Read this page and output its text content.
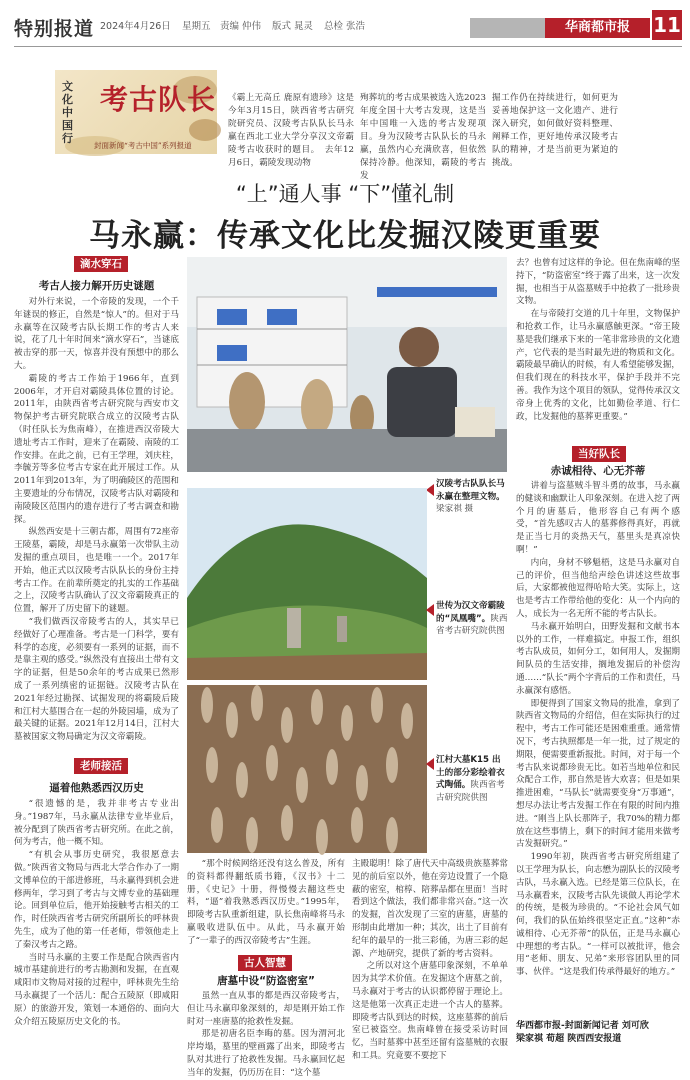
特别报道 2024年4月26日 星期五 责编 仲伟 版式 晁灵 总检 张浩	华商都市报	11
文化中国行
考古队长
封面新闻“考古中国”系列报道
《霸上无高丘 鹿原有遗珍》这是今年3月15日，陕西省考古研究院研究员、汉陵考古队队长马永赢在西北工业大学分享汉文帝霸陵考古收获时的题目。　去年12月6日，霸陵发现动物
殉葬坑的考古成果被选入选2023年度全国十大考古发现，这是当年中国唯一入选的考古发现项目。身为汉陵考古队队长的马永赢，虽然内心充满欣喜，但依然保持冷静。他深知，霸陵的考古发
掘工作仍在持续进行，如何更为妥善地保护这一文化遗产、进行深入研究，如何做好资料整理、阐释工作，更好地传承汉陵考古队的精神，才是当前更为紧迫的挑战。
“上”通人事 “下”懂礼制
马永赢：传承文化比发掘汉陵更重要
滴水穿石
考古人接力解开历史谜题

对外行来说，一个帝陵的发现，一个千年谜误的修正，自然是“惊人”的。但对于马永赢等在汉陵考古队长期工作的考古人来说，花了几十年时间来“滴水穿石”，当谜底被击穿的那一天，惊喜并没有预想中的那么大。

霸陵的考古工作始于1966年，直到2006年，才开启对霸陵具体位置的讨论。2011年，由陕西省考古研究院与西安市文物保护考古研究院联合成立的汉陵考古队（时任队长为焦南峰），在推进西汉帝陵大遗址考古工作时，迎来了在霸陵、南陵的工作安排。在此之前，已有王学理，刘庆柱，李毓芳等多位考古专家在此开展过工作。从2011年到2013年，为了明确陵区的范围和主要遗址的分布情况，汉陵考古队对霸陵和南陵陵区范围内的遗存进行了考古调查和勘探。

纵然西安是十三朝古都，周围有72座帝王陵墓，霸陵，却是马永赢第一次带队主动发掘的重点项目，也是唯一一个。2017年开始，他正式以汉陵考古队队长的身份主持考古工作。在前辈所奠定的扎实的工作基础之上，汉陵考古队确认了汉文帝霸陵真正的位置，解开了历史留下的谜题。

“我们做西汉帝陵考古的人，其实早已经做好了心理准备。考古是一门科学，要有科学的态度，必须要有一系列的证据，而不是靠主观的感受。”纵然没有直接出土带有文字的证据，但是50余年的考古成果已然形成了一系列缜密的证据链。汉陵考古队在2021年经过勘探、试掘发现的将霸陵后陵和江村大墓围合在一起的外陵园墙，成为了最关键的证据。2021年12月14日，江村大墓被国家文物局确定为汉文帝霸陵。

老师接活
逼着他熟悉西汉历史

“很遗憾的是，我并非考古专业出身。”1987年，马永赢从法律专业毕业后，被分配到了陕西省考古研究所。在此之前，何为考古，他一概不知。

“有机会从事历史研究，我很愿意去做。”陕西省文物局与西北大学合作办了一期文博单位的干部进修班，马永赢得到机会进修两年，学习到了考古与文博专业的基础理论。回到单位后，他开始接触考古相关的工作，时任陕西省考古研究所副所长的呼林贵先生，成为了他的第一任老师，带领他走上了秦汉考古之路。

当时马永赢的主要工作是配合陕西省内城市基建前进行的考古勘测和发掘，在直观咸阳市文物局对接的过程中，呼林贵先生给马永赢提了一个活儿：配合五陵原（即咸阳原）的旅游开发，策划一本通俗的、面向大众介绍五陵原历史文化的书。

汉陵考古队队长马永赢在整理文物。梁家祺 摄
世传为汉文帝霸陵的“凤凰嘴”。陕西省考古研究院供图
江村大墓K15 出土的部分彩绘着衣式陶俑。陕西省考古研究院供图

“那个时候网络还没有这么普及，所有的资料都得翻纸质书籍，《汉书》十二册，《史记》十册，得慢慢去翻这些史料，“逼”着我熟悉西汉历史。”1995年，即陵考古队重新组建，队长焦南峰将马永赢吸收进队伍中。从此，马永赢开始了“一辈子的西汉帝陵考古”生涯。

古人智慧
唐墓中设“防盗密室”

虽然一直从事的都是西汉帝陵考古，但让马永赢印象深刻的，却是刚开始工作时对一座唐墓的抢救性发掘。

那是初唐名臣李晦的墓。因为渭河北岸垮塌，墓里的壁画露了出来，即陵考古队对其进行了抢救性发掘。马永赢回忆起当年的发掘，仍历历在目：“这个墓

主殿聪明！除了唐代天中高级贵族墓葬常见的前后室以外，他在旁边设置了一个隐蔽的密室，棺椁、陪葬品都在里面！当时看到这个做法，我们都非常兴奋。”这一次的发掘，首次发现了三室的唐墓，唐墓的形制由此增加一种；其次，出土了目前有纪年的最早的一批三彩俑，为唐三彩的起源、产地研究，提供了新的考古资料。

之所以对这个唐墓印象深刻，不单单因为其学术价值。在发掘这个唐墓之前，马永赢对于考古的认识都停留于理论上。这是他第一次真正走进一个古人的墓葬。即陵考古队到达的时候，这座墓葬的前后室已被盗空。焦南峰曾在接受采访时回忆，当时墓葬中甚至还留有盗墓贼的衣服和工具。究竟要不要挖下

去？也曾有过这样的争论。但在焦南峰的坚持下，“防盗密室”终于露了出来，这一次发掘，也相当于从盗墓贼手中抢救了一批珍贵文物。

在与帝陵打交道的几十年里，文物保护和抢救工作，让马永赢感触更深。“帝王陵墓是我们继承下来的一笔非常珍贵的文化遗产，它代表的是当时最先进的物质和文化。霸陵最早确认的时候，有人希望能够发掘，但我们现在的科技水平，保护手段并不完善。我作为这个项目的领队，觉得传承汉文帝身上优秀的文化，比如勤俭孝道、行仁政，比发掘他的墓葬更重要。”

当好队长
赤诚相待、心无芥蒂

讲着与盗墓贼斗智斗勇的故事，马永赢的健谈和幽默让人印象深刻。在进入挖了两个月的唐墓后，他形容自己有两个感受，“首先感叹古人的墓葬修得真好，再就是正当七月的炎热天气，墓里头是真凉快啊！”

内向，身材不够魁梧，这是马永赢对自己的评价，但当他给声绘色讲述这些故事后，大家都被他逗得哈哈大笑。实际上，这也是考古工作带给他的变化：从一个内向的人，成长为一名无所不能的考古队长。

马永赢开始明白，田野发掘和文献书本以外的工作，一样难搞定。申报工作，组织考古队成员，如何分工，如何用人，发掘期间队员的生活安排，搁地发掘后的补偿沟通……“队长”两个字背后的工作和责任，马永赢深有感悟。

即便得到了国家文物局的批准，拿到了陕西省文物局的介绍信，但在实际执行的过程中，考古工作可能还是困难重重。通常情况下，考古执照都是一年一批，过了规定的期限，便需要重新报批。时间，对于每一个考古队来说都珍贵无比。如若当地单位和民众配合工作，那自然是皆大欢喜；但是如果推进困难，“马队长”就需要变身“万事通”，想尽办法让考古发掘工作在有限的时间内推进。“刚当上队长那阵子，我70%的精力都放在这些事情上，剩下的时间才能用来做考古发掘研究。”

1990年初，陕西省考古研究所组建了以王学理为队长，向志懋为副队长的汉陵考古队，马永赢入选。已经是第三位队长，在马永赢看来，汉陵考古队先谈做人再论学术的传统，是极为珍贵的。“不论社会风气如何，我们的队伍始终很坚定正直。”这种“赤诚相待、心无芥蒂”的队伍，正是马永赢心中理想的考古队。“一样可以被批评，他会用“老师、朋友、兄弟”来形容团队里的同事、伙伴。“这是我们传承得最好的地方。”

华西都市报-封面新闻记者 刘可欣
梁家祺 荀超 陕西西安报道
